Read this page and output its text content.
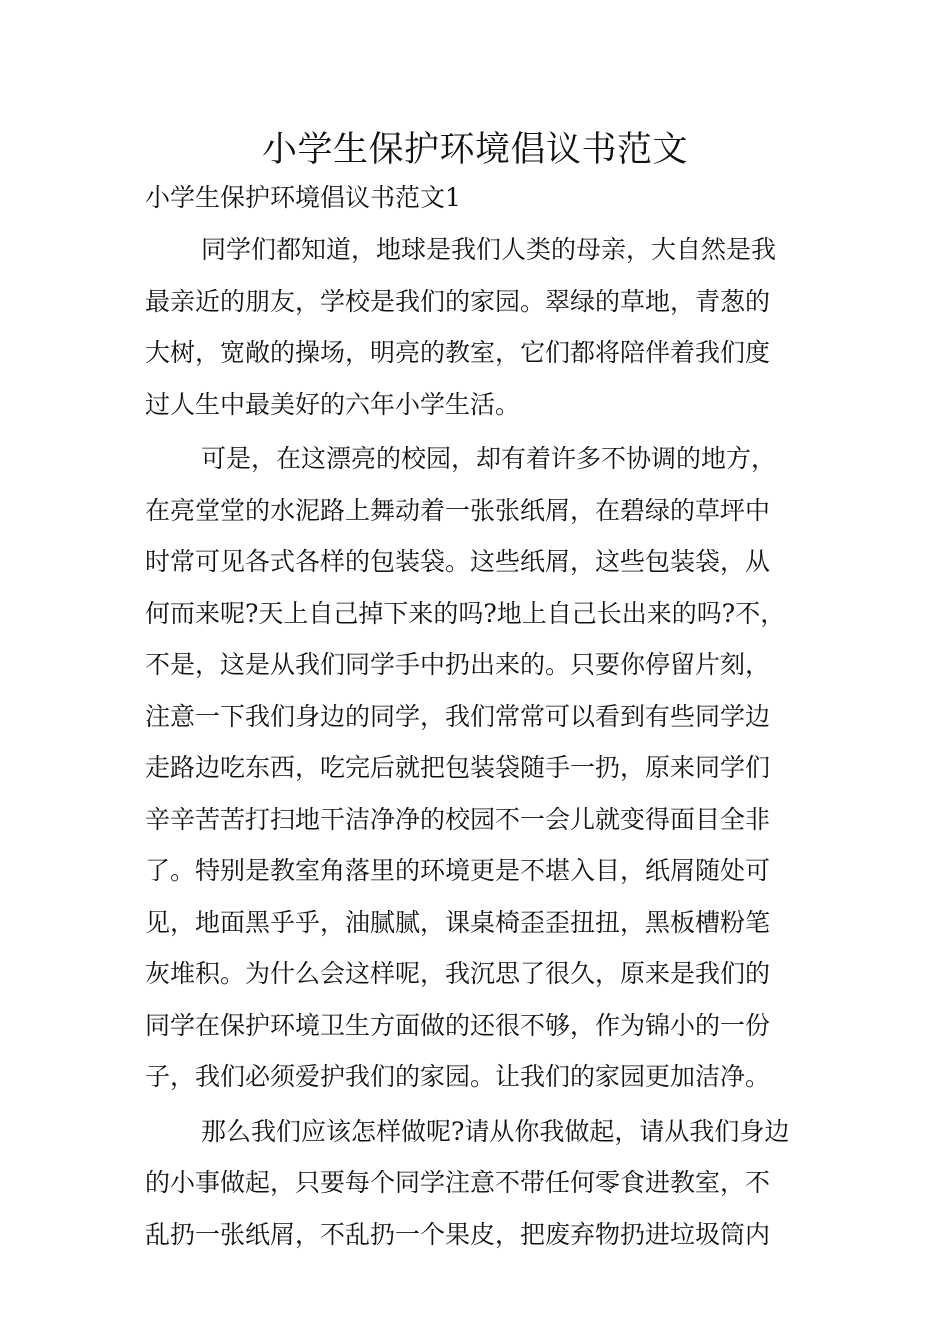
小学生保护环境倡议书范文

小学生保护环境倡议书范文1

同学们都知道，地球是我们人类的母亲，大自然是我
最亲近的朋友，学校是我们的家园。翠绿的草地，青葱的
大树，宽敞的操场，明亮的教室，它们都将陪伴着我们度
过人生中最美好的六年小学生活。
可是，在这漂亮的校园，却有着许多不协调的地方，
在亮堂堂的水泥路上舞动着一张张纸屑，在碧绿的草坪中
时常可见各式各样的包装袋。这些纸屑，这些包装袋，从
何而来呢?天上自己掉下来的吗?地上自己长出来的吗?不，
不是，这是从我们同学手中扔出来的。只要你停留片刻，
注意一下我们身边的同学，我们常常可以看到有些同学边
走路边吃东西，吃完后就把包装袋随手一扔，原来同学们
辛辛苦苦打扫地干洁净净的校园不一会儿就变得面目全非
了。特别是教室角落里的环境更是不堪入目，纸屑随处可
见，地面黑乎乎，油腻腻，课桌椅歪歪扭扭，黑板槽粉笔
灰堆积。为什么会这样呢，我沉思了很久，原来是我们的
同学在保护环境卫生方面做的还很不够，作为锦小的一份
子，我们必须爱护我们的家园。让我们的家园更加洁净。
那么我们应该怎样做呢?请从你我做起，请从我们身边
的小事做起，只要每个同学注意不带任何零食进教室，不
乱扔一张纸屑，不乱扔一个果皮，把废弃物扔进垃圾筒内
